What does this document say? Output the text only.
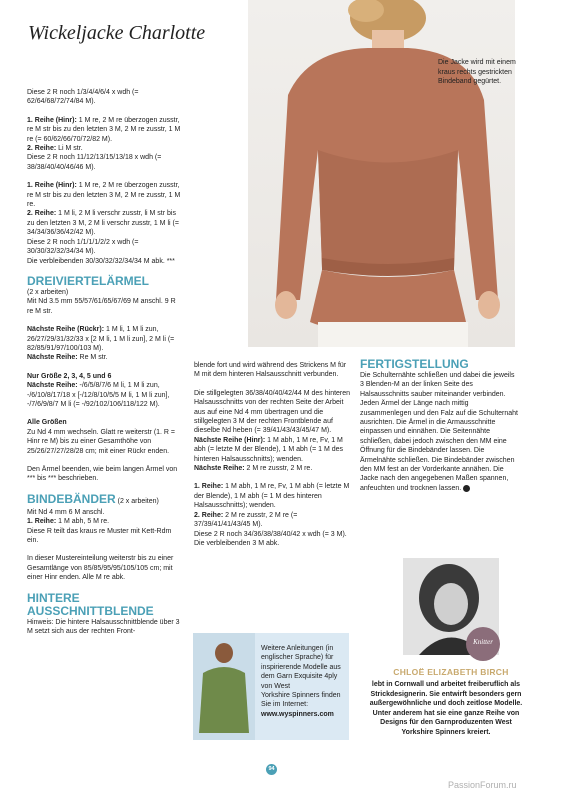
Wickeljacke Charlotte
Die Jacke wird mit einem kraus rechts gestrickten Bindeband gegürtet.

Diese 2 R noch 1/3/4/4/6/4 x wdh (= 62/64/68/72/74/84 M).

1. Reihe (Hinr): 1 M re, 2 M re überzogen zusstr, re M str bis zu den letzten 3 M, 2 M re zusstr, 1 M re (= 60/62/66/70/72/82 M).
2. Reihe: Li M str.
Diese 2 R noch 11/12/13/15/13/18 x wdh (= 38/38/40/40/46/46 M).

1. Reihe (Hinr): 1 M re, 2 M re überzogen zusstr, re M str bis zu den letzten 3 M, 2 M re zusstr, 1 M re.
2. Reihe: 1 M li, 2 M li verschr zusstr, li M str bis zu den letzten 3 M, 2 M li verschr zusstr, 1 M li (= 34/34/36/36/42/42 M).
Diese 2 R noch 1/1/1/1/2/2 x wdh (= 30/30/32/32/34/34 M).
Die verbleibenden 30/30/32/32/34/34 M abk. ***

DREIVIERTELÄRMEL

(2 x arbeiten)
Mit Nd 3.5 mm 55/57/61/65/67/69 M anschl. 9 R re M str.

Nächste Reihe (Rückr): 1 M li, 1 M li zun, 26/27/29/31/32/33 x [2 M li, 1 M li zun], 2 M li (= 82/85/91/97/100/103 M).
Nächste Reihe: Re M str.

Nur Größe 2, 3, 4, 5 und 6
Nächste Reihe: -/6/5/8/7/6 M li, 1 M li zun, -/6/10/8/17/18 x [-/12/8/10/5/5 M li, 1 M li zun], -/7/6/9/8/7 M li (= -/92/102/106/118/122 M).

Alle Größen
Zu Nd 4 mm wechseln. Glatt re weiterstr (1. R = Hinr re M) bis zu einer Gesamthöhe von 25/26/27/27/28/28 cm; mit einer Rückr enden.

Den Ärmel beenden, wie beim langen Ärmel von *** bis *** beschrieben.

BINDEBÄNDER (2 x arbeiten)

Mit Nd 4 mm 6 M anschl.
1. Reihe: 1 M abh, 5 M re.
Diese R teilt das kraus re Muster mit Kett-Rdm ein.

In dieser Mustereinteilung weiterstr bis zu einer Gesamtlänge von 85/85/95/95/105/105 cm; mit einer Hinr enden. Alle M re abk.

HINTERE AUSSCHNITTBLENDE

Hinweis: Die hintere Halsausschnittblende über 3 M setzt sich aus der rechten Front-

blende fort und wird während des Strickens M für M mit dem hinteren Halsausschnitt verbunden.

Die stillgelegten 36/38/40/40/42/44 M des hinteren Halsausschnitts von der rechten Seite der Arbeit aus auf eine Nd 4 mm übertragen und die stillgelegten 3 M der rechten Frontblende auf dieselbe Nd heben (= 39/41/43/43/45/47 M).
Nächste Reihe (Hinr): 1 M abh, 1 M re, Fv, 1 M abh (= letzte M der Blende), 1 M abh (= 1 M des hinteren Halsausschnitts); wenden.
Nächste Reihe: 2 M re zusstr, 2 M re.

1. Reihe: 1 M abh, 1 M re, Fv, 1 M abh (= letzte M der Blende), 1 M abh (= 1 M des hinteren Halsausschnitts); wenden.
2. Reihe: 2 M re zusstr, 2 M re (= 37/39/41/41/43/45 M).
Diese 2 R noch 34/36/38/38/40/42 x wdh (= 3 M).
Die verbleibenden 3 M abk.

FERTIGSTELLUNG

Die Schulternähte schließen und dabei die jeweils 3 Blenden-M an der linken Seite des Halsausschnitts sauber miteinander verbinden. Jeden Ärmel der Länge nach mittig zusammenlegen und den Falz auf die Schulternaht ausrichten. Die Ärmel in die Armausschnitte einpassen und einnähen. Die Seitennähte schließen, dabei jedoch zwischen den MM eine Öffnung für die Bindebänder lassen. Die Ärmelnähte schließen. Die Bindebänder zwischen den MM fest an der Vorderkante annähen. Die Jacke nach den angegebenen Maßen spannen, anfeuchten und trocknen lassen.

Weitere Anleitungen (in englischer Sprache) für inspirierende Modelle aus dem Garn Exquisite 4ply von West
Yorkshire Spinners finden Sie im Internet: www.wyspinners.com
Knitter
CHLOË ELIZABETH BIRCH
lebt in Cornwall und arbeitet freiberuflich als Strickdesignerin. Sie entwirft besonders gern außergewöhnliche und doch zeitlose Modelle. Unter anderem hat sie eine ganze Reihe von Designs für den Garnproduzenten West Yorkshire Spinners kreiert.
94
PassionForum.ru
